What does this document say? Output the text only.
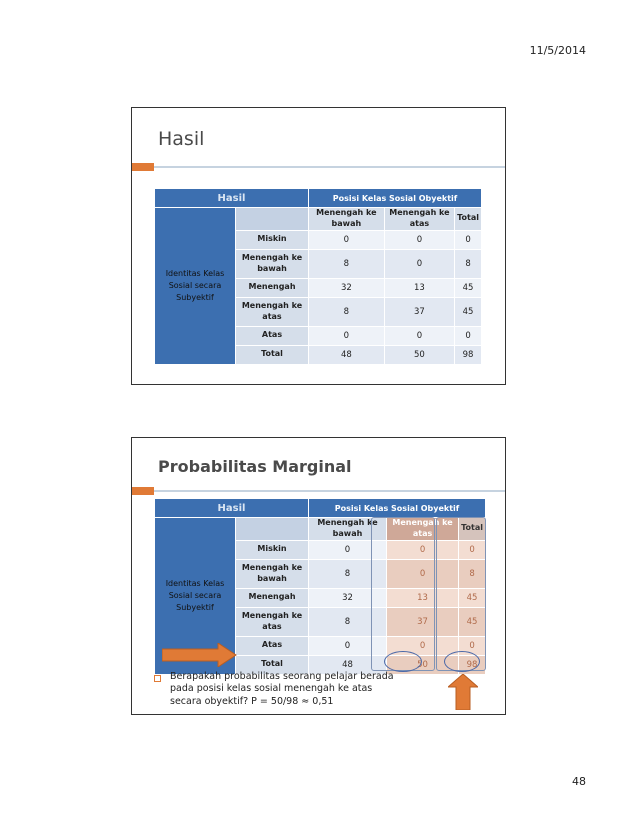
11/5/2014
Hasil
Hasil		Posisi Kelas Sosial Obyektif		
Identitas Kelas Sosial secara Subyektif		Menengah ke bawah	Menengah ke atas	Total
	Miskin	0	0	0
	Menengah ke bawah	8	0	8
	Menengah	32	13	45
	Menengah ke atas	8	37	45
	Atas	0	0	0
	Total	48	50	98
Probabilitas Marginal
Hasil		Posisi Kelas Sosial Obyektif		
Identitas Kelas Sosial secara Subyektif		Menengah ke bawah	Menengah ke atas	Total
	Miskin	0	0	0
	Menengah ke bawah	8	0	8
	Menengah	32	13	45
	Menengah ke atas	8	37	45
	Atas	0	0	0
	Total	48	50	98
Berapakah probabilitas seorang pelajar berada pada posisi kelas sosial menengah ke atas secara obyektif? P = 50/98 ≈ 0,51
48
